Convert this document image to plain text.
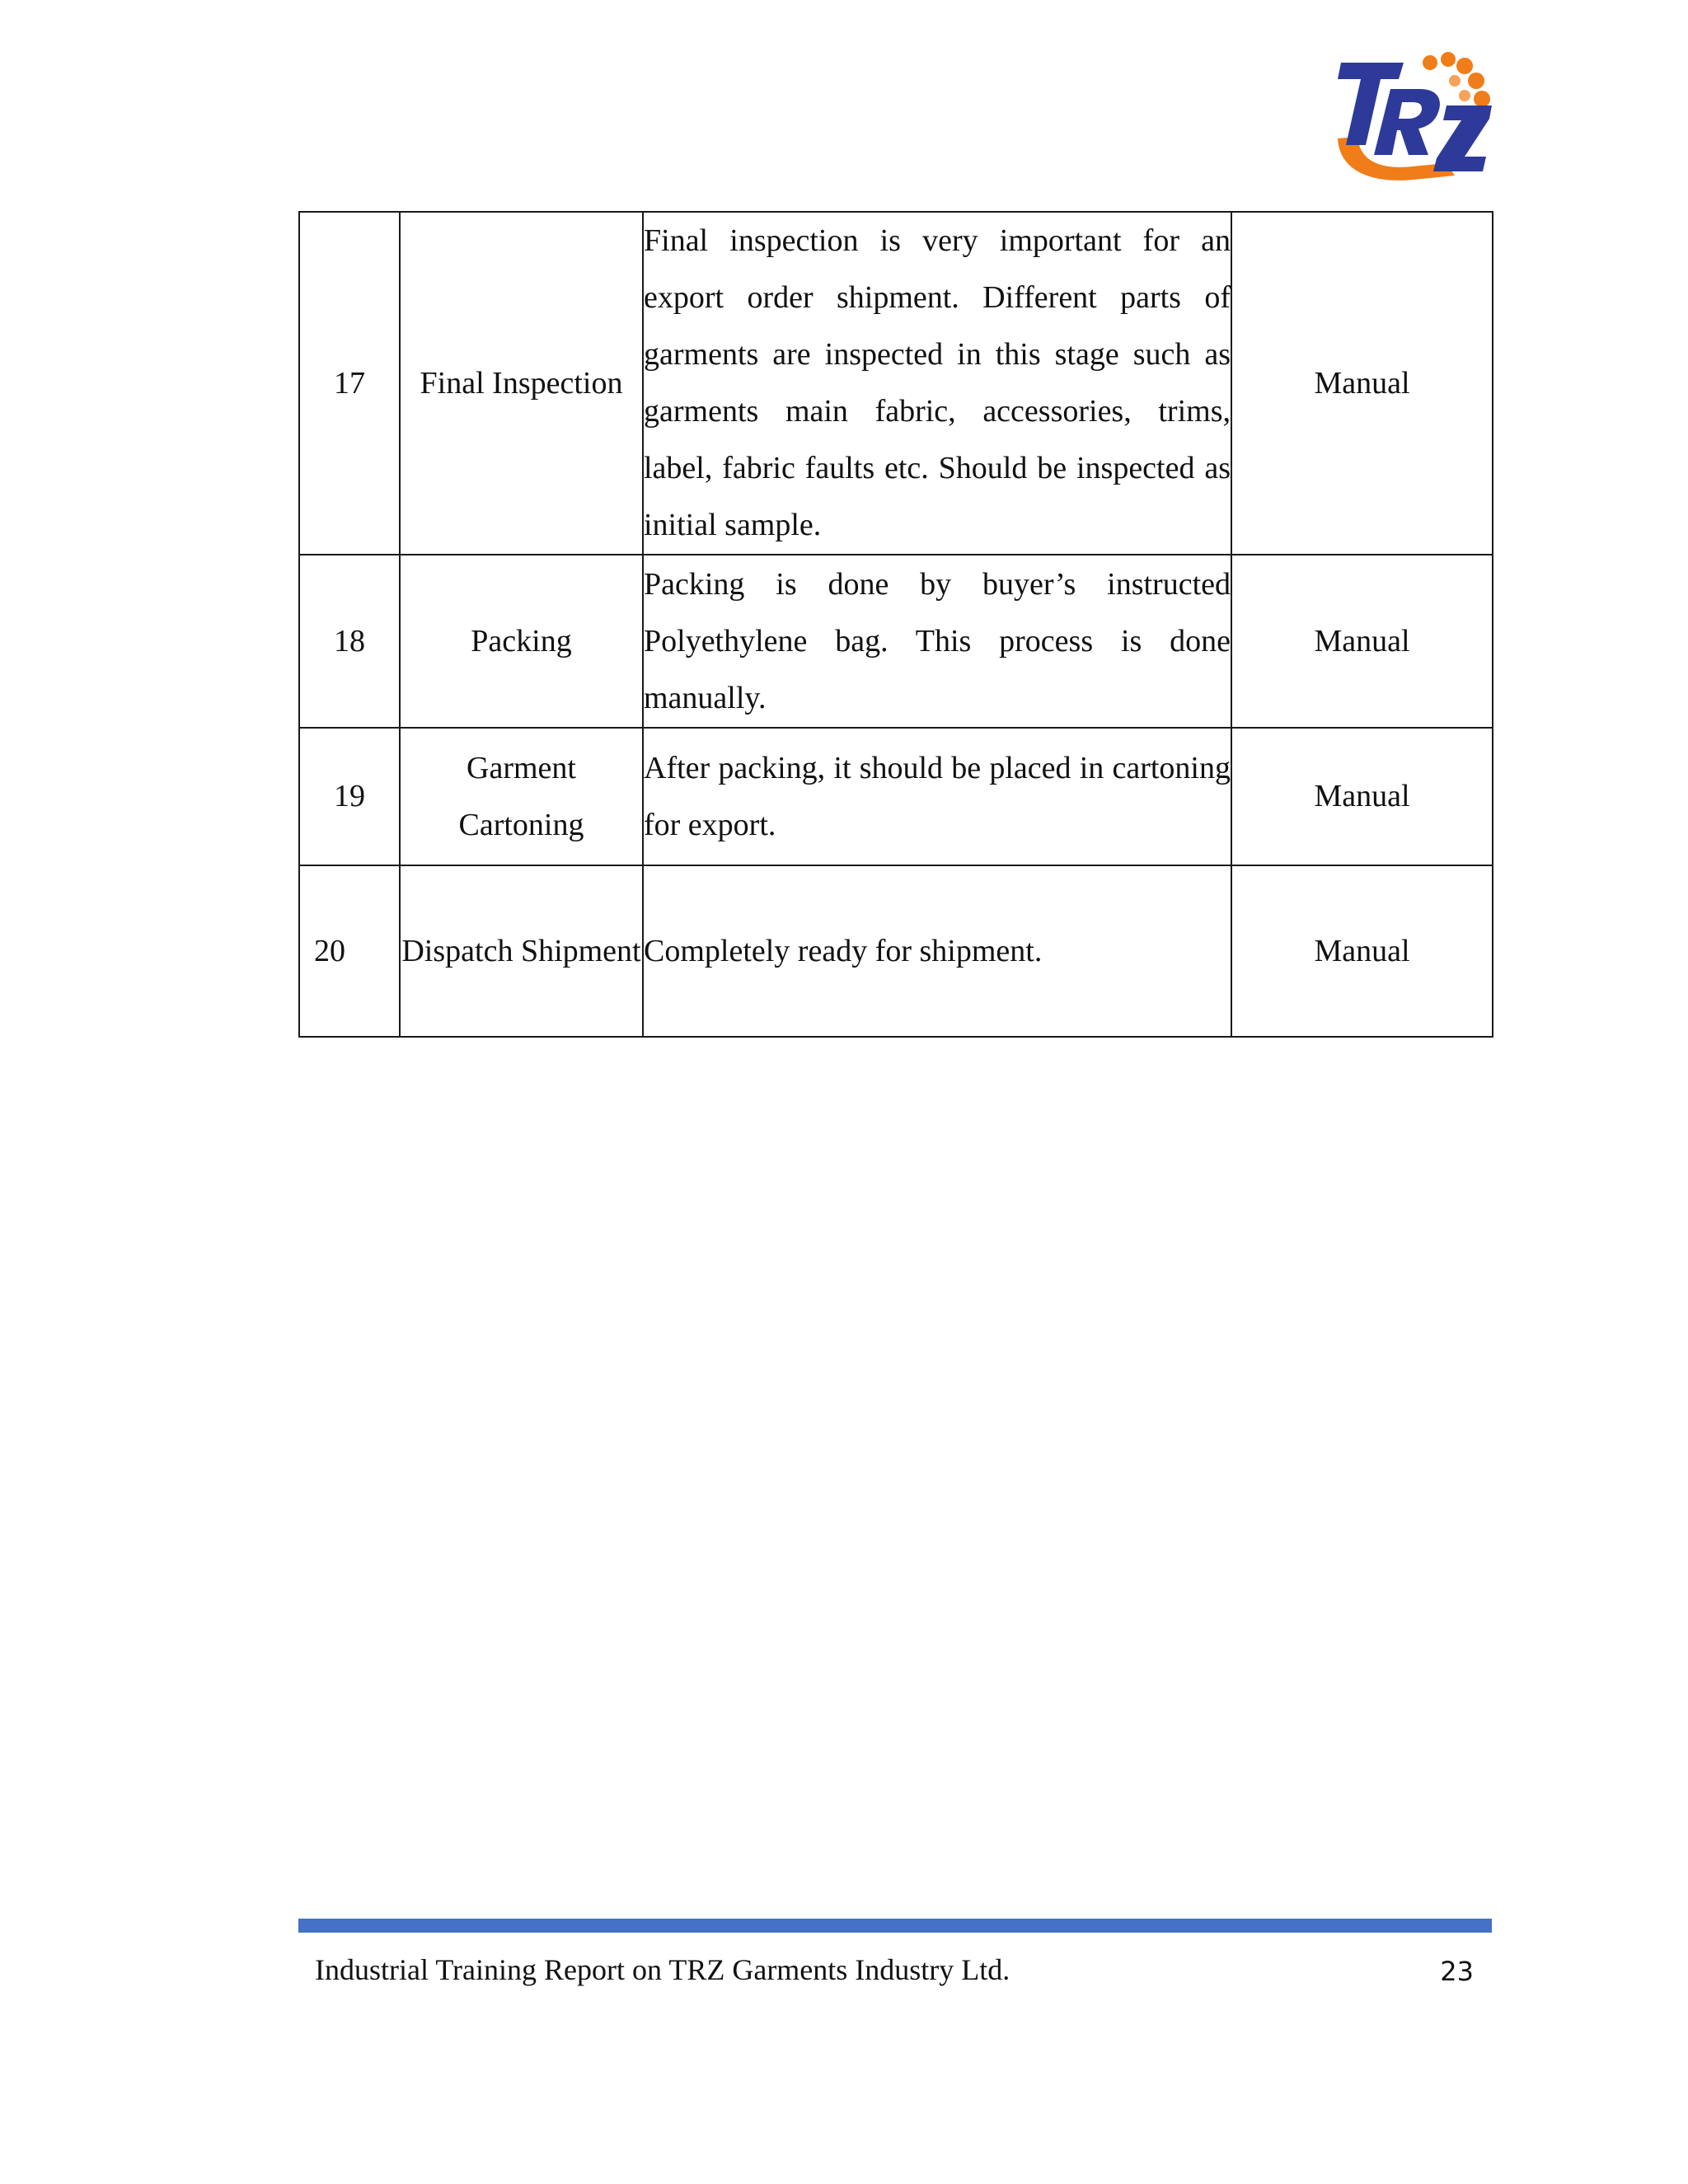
17	Final Inspection	Final inspection is very important for an export order shipment. Different parts of garments are inspected in this stage such as garments main fabric, accessories, trims, label, fabric faults etc. Should be inspected as initial sample.	Manual
18	Packing	Packing is done by buyer’s instructed Polyethylene bag. This process is done manually.	Manual
19	Garment Cartoning	After packing, it should be placed in cartoning for export.	Manual
20	Dispatch Shipment	Completely ready for shipment.	Manual
Industrial Training Report on TRZ Garments Industry Ltd.	23
